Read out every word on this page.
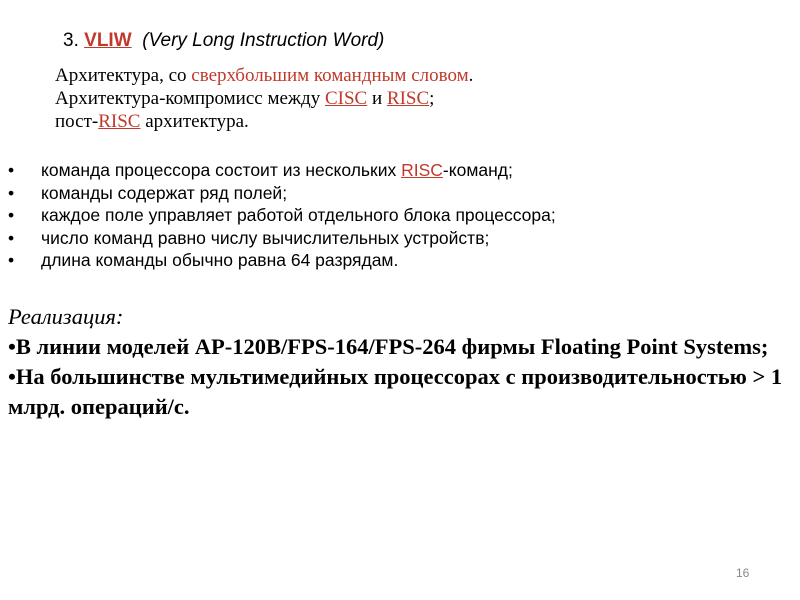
3. VLIW (Very Long Instruction Word)
Архитектура, со сверхбольшим командным словом.
Архитектура-компромисс между CISC и RISC;
пост-RISC архитектура.
• команда процессора состоит из нескольких RISC-команд;
• команды содержат ряд полей;
• каждое поле управляет работой отдельного блока процессора;
• число команд равно числу вычислительных устройств;
• длина команды обычно равна 64 разрядам.
Реализация:
•В линии моделей AP-120B/FPS-164/FPS-264 фирмы Floating Point Systems;
•На большинстве мультимедийных процессорах с производительностью > 1 млрд. операций/с.
16
